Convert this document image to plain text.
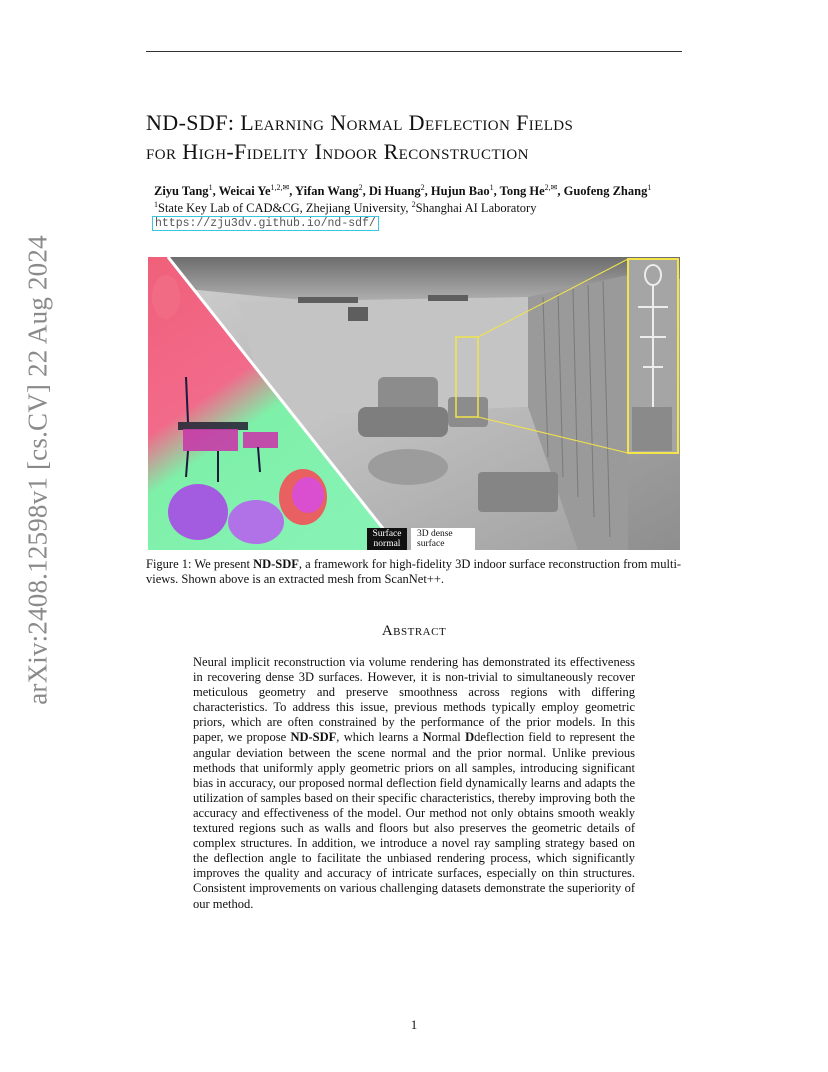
arXiv:2408.12598v1 [cs.CV] 22 Aug 2024
ND-SDF: Learning Normal Deflection Fields
for High-Fidelity Indoor Reconstruction
Ziyu Tang$^1$, Weicai $Ye^{1,2,✉}$, Yifan Wang$^2$, Di Huang$^2$, Hujun Bao$^1$, Tong $He^{2,✉}$, Guofeng Zhang$^1$
$^1$State Key Lab of CAD&CG, Zhejiang University, $^2$Shanghai AI Laboratory
https://zju3dv.github.io/nd-sdf/
Surface
normal
3D dense
surface
Figure 1: We present ND-SDF, a framework for high-fidelity 3D indoor surface reconstruction from multi-views. Shown above is an extracted mesh from ScanNet++.
Abstract
Neural implicit reconstruction via volume rendering has demonstrated its effectiveness in recovering dense 3D surfaces. However, it is non-trivial to simultaneously recover meticulous geometry and preserve smoothness across regions with differing characteristics. To address this issue, previous methods typically employ geometric priors, which are often constrained by the performance of the prior models. In this paper, we propose ND-SDF, which learns a Normal Ddeflection field to represent the angular deviation between the scene normal and the prior normal. Unlike previous methods that uniformly apply geometric priors on all samples, introducing significant bias in accuracy, our proposed normal deflection field dynamically learns and adapts the utilization of samples based on their specific characteristics, thereby improving both the accuracy and effectiveness of the model. Our method not only obtains smooth weakly textured regions such as walls and floors but also preserves the geometric details of complex structures. In addition, we introduce a novel ray sampling strategy based on the deflection angle to facilitate the unbiased rendering process, which significantly improves the quality and accuracy of intricate surfaces, especially on thin structures. Consistent improvements on various challenging datasets demonstrate the superiority of our method.
1
